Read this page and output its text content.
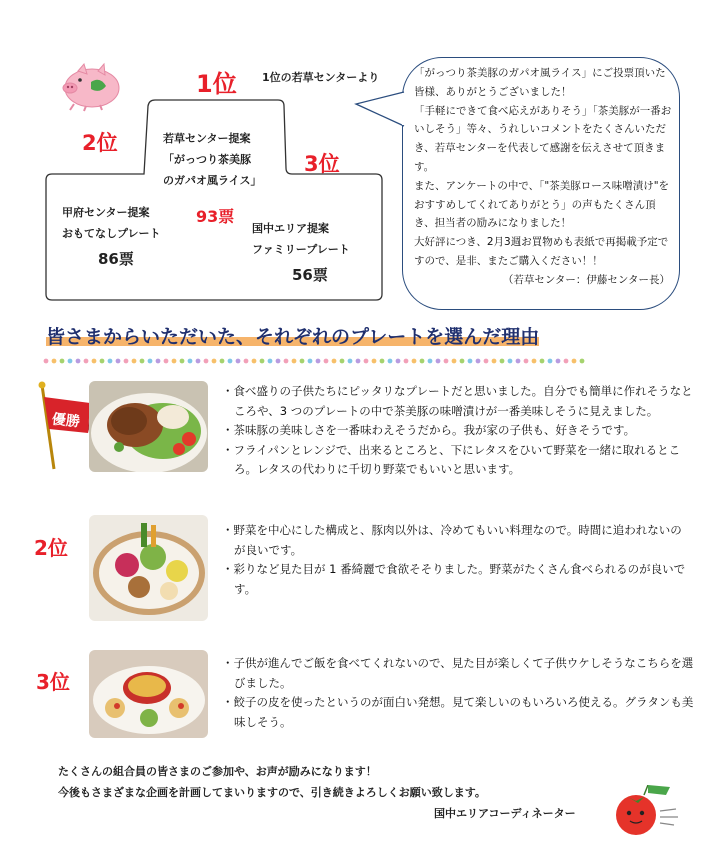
1位 1位の若草センターより
2位
3位
若草センター提案
「がっつり茶美豚
のガパオ風ライス」
93票
甲府センター提案
おもてなしプレート
86票
国中エリア提案
ファミリープレート
56票

「がっつり茶美豚のガパオ風ライス」にご投票頂いた皆様、ありがとうございました！

「手軽にできて食べ応えがありそう」「茶美豚が一番おいしそう」等々、うれしいコメントをたくさんいただき、若草センターを代表して感謝を伝えさせて頂きます。

また、アンケートの中で、「"茶美豚ロース味噌漬け"をおすすめしてくれてありがとう」の声もたくさん頂き、担当者の励みになりました！

大好評につき、2月3週お買物めも表紙で再掲載予定ですので、是非、またご購入ください！！

（若草センター：伊藤センター長）

皆さまからいただいた、それぞれのプレートを選んだ理由
優勝

・食べ盛りの子供たちにピッタリなプレートだと思いました。自分でも簡単に作れそうなところや、3 つのプレートの中で茶美豚の味噌漬けが一番美味しそうに見えました。

・茶味豚の美味しさを一番味わえそうだから。我が家の子供も、好きそうです。

・フライパンとレンジで、出来るところと、下にレタスをひいて野菜を一緒に取れるところ。レタスの代わりに千切り野菜でもいいと思います。

2位

・野菜を中心にした構成と、豚肉以外は、冷めてもいい料理なので。時間に追われないのが良いです。

・彩りなど見た目が 1 番綺麗で食欲そそりました。野菜がたくさん食べられるのが良いです。

3位

・子供が進んでご飯を食べてくれないので、見た目が楽しくて子供ウケしそうなこちらを選びました。

・餃子の皮を使ったというのが面白い発想。見て楽しいのもいろいろ使える。グラタンも美味しそう。

たくさんの組合員の皆さまのご参加や、お声が励みになります！
今後もさまざまな企画を計画してまいりますので、引き続きよろしくお願い致します。
国中エリアコーディネーター
